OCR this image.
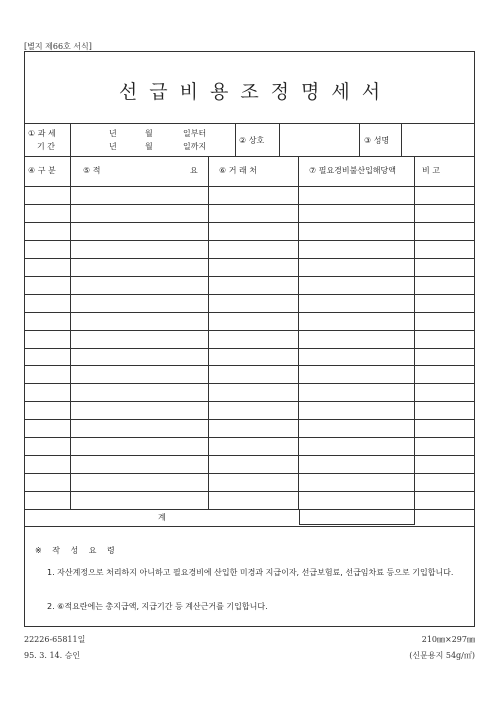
[별지 제66호 서식]
선급비용조정명세서
① 과 세
기 간
년	월	일부터
년	월	일까지
② 상호	③ 성명
④ 구 분	⑤ 적	요	⑥ 거 래 처	⑦ 필요경비불산입해당액	비 고
계
※ 작 성 요 령
1. 자산계정으로 처리하지 아니하고 필요경비에 산입한 미경과 지급이자, 선급보험료, 선급임차료 등으로 기입합니다.
2. ⑥적요란에는 총지급액, 지급기간 등 계산근거를 기입합니다.
22226-65811일
95. 3. 14. 승인
210㎜×297㎜
(신문용지 54g/㎡)
